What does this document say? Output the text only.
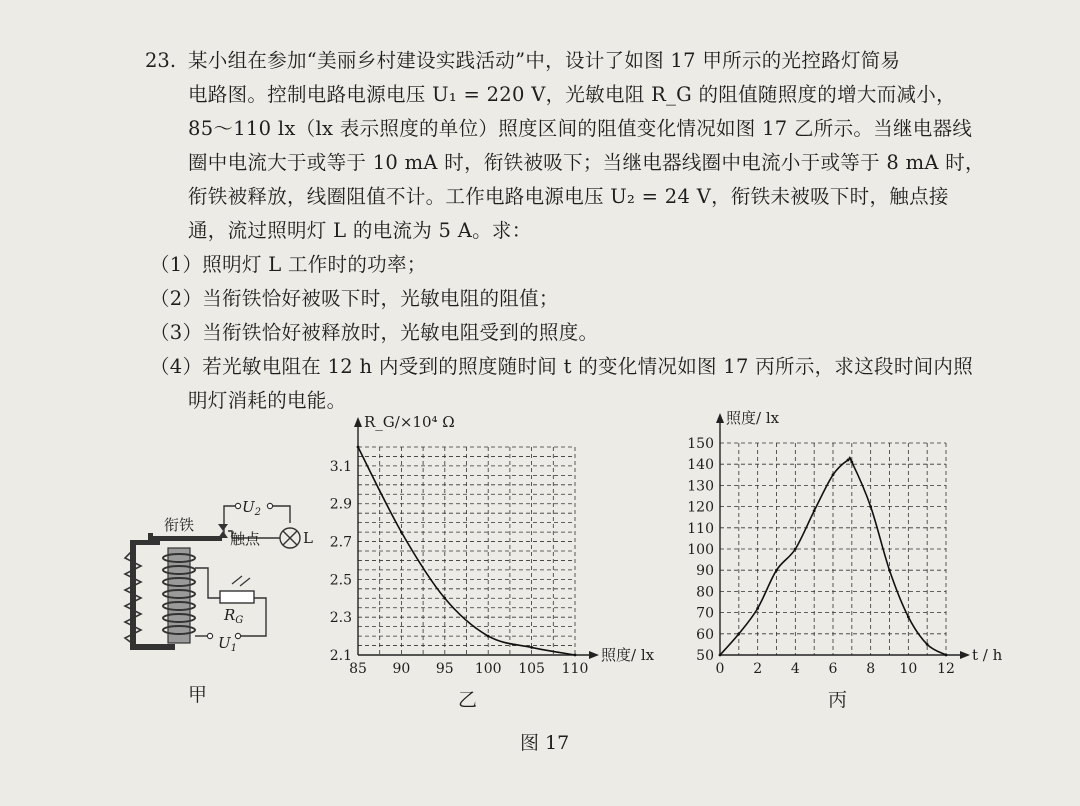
23. 某小组在参加“美丽乡村建设实践活动”中，设计了如图 17 甲所示的光控路灯简易
电路图。控制电路电源电压 U₁ = 220 V，光敏电阻 R_G 的阻值随照度的增大而减小，
85～110 lx（lx 表示照度的单位）照度区间的阻值变化情况如图 17 乙所示。当继电器线
圈中电流大于或等于 10 mA 时，衔铁被吸下；当继电器线圈中电流小于或等于 8 mA 时，
衔铁被释放，线圈阻值不计。工作电路电源电压 U₂ = 24 V，衔铁未被吸下时，触点接
通，流过照明灯 L 的电流为 5 A。求：
（1）照明灯 L 工作时的功率；
（2）当衔铁恰好被吸下时，光敏电阻的阻值；
（3）当衔铁恰好被释放时，光敏电阻受到的照度。
（4）若光敏电阻在 12 h 内受到的照度随时间 t 的变化情况如图 17 丙所示，求这段时间内照
明灯消耗的电能。
$R_G$
$U_1$
$U_2$
触点	L
衔铁
甲
85 90 95 100 105 110
2.1
2.3
2.5
2.7
2.9
3.1
照度/ lx
R_G/×10⁴ Ω
乙
0 2 4 6 8 10 12
50
60
70
80
90
100
110
120
130
140
150
t / h
照度/ lx
丙
图 17
